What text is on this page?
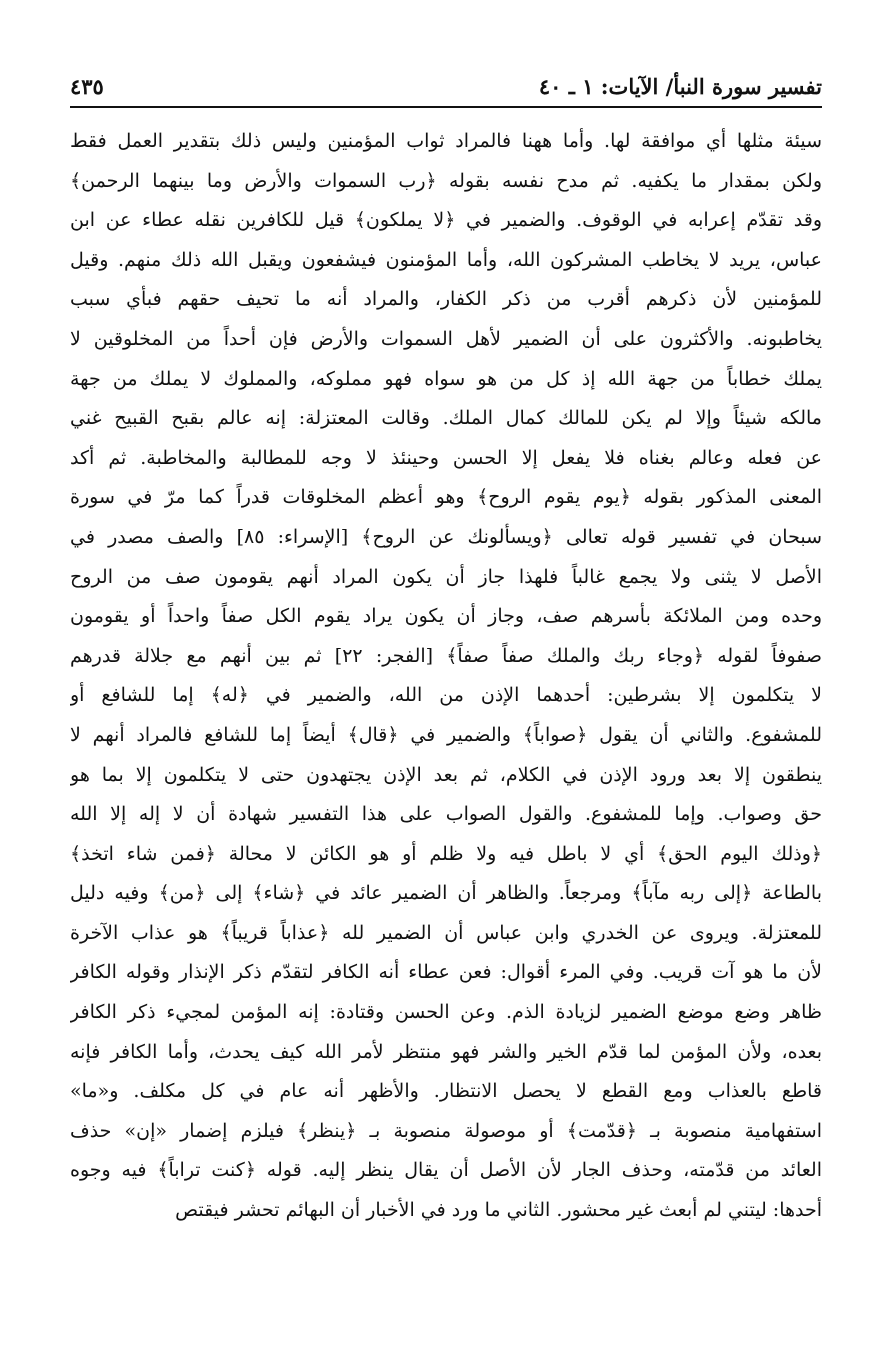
تفسير سورة النبأ/ الآيات: ١ ـ ٤٠
٤٣٥
سيئة مثلها أي موافقة لها. وأما ههنا فالمراد ثواب المؤمنين وليس ذلك بتقدير العمل فقط
ولكن بمقدار ما يكفيه. ثم مدح نفسه بقوله ﴿رب السموات والأرض وما بينهما الرحمن﴾
وقد تقدّم إعرابه في الوقوف. والضمير في ﴿لا يملكون﴾ قيل للكافرين نقله عطاء عن ابن
عباس، يريد لا يخاطب المشركون الله، وأما المؤمنون فيشفعون ويقبل الله ذلك منهم. وقيل
للمؤمنين لأن ذكرهم أقرب من ذكر الكفار، والمراد أنه ما تحيف حقهم فبأي سبب
يخاطبونه. والأكثرون على أن الضمير لأهل السموات والأرض فإن أحداً من المخلوقين لا
يملك خطاباً من جهة الله إذ كل من هو سواه فهو مملوكه، والمملوك لا يملك من جهة
مالكه شيئاً وإلا لم يكن للمالك كمال الملك. وقالت المعتزلة: إنه عالم بقبح القبيح غني
عن فعله وعالم بغناه فلا يفعل إلا الحسن وحينئذ لا وجه للمطالبة والمخاطبة. ثم أكد
المعنى المذكور بقوله ﴿يوم يقوم الروح﴾ وهو أعظم المخلوقات قدراً كما مرّ في سورة
سبحان في تفسير قوله تعالى ﴿ويسألونك عن الروح﴾ [الإسراء: ٨٥] والصف مصدر في
الأصل لا يثنى ولا يجمع غالباً فلهذا جاز أن يكون المراد أنهم يقومون صف من الروح
وحده ومن الملائكة بأسرهم صف، وجاز أن يكون يراد يقوم الكل صفاً واحداً أو يقومون
صفوفاً لقوله ﴿وجاء ربك والملك صفاً صفاً﴾ [الفجر: ٢٢] ثم بين أنهم مع جلالة قدرهم
لا يتكلمون إلا بشرطين: أحدهما الإذن من الله، والضمير في ﴿له﴾ إما للشافع أو
للمشفوع. والثاني أن يقول ﴿صواباً﴾ والضمير في ﴿قال﴾ أيضاً إما للشافع فالمراد أنهم لا
ينطقون إلا بعد ورود الإذن في الكلام، ثم بعد الإذن يجتهدون حتى لا يتكلمون إلا بما هو
حق وصواب. وإما للمشفوع. والقول الصواب على هذا التفسير شهادة أن لا إله إلا الله
﴿وذلك اليوم الحق﴾ أي لا باطل فيه ولا ظلم أو هو الكائن لا محالة ﴿فمن شاء اتخذ﴾
بالطاعة ﴿إلى ربه مآباً﴾ ومرجعاً. والظاهر أن الضمير عائد في ﴿شاء﴾ إلى ﴿من﴾ وفيه دليل
للمعتزلة. ويروى عن الخدري وابن عباس أن الضمير لله ﴿عذاباً قريباً﴾ هو عذاب الآخرة
لأن ما هو آت قريب. وفي المرء أقوال: فعن عطاء أنه الكافر لتقدّم ذكر الإنذار وقوله الكافر
ظاهر وضع موضع الضمير لزيادة الذم. وعن الحسن وقتادة: إنه المؤمن لمجيء ذكر الكافر
بعده، ولأن المؤمن لما قدّم الخير والشر فهو منتظر لأمر الله كيف يحدث، وأما الكافر فإنه
قاطع بالعذاب ومع القطع لا يحصل الانتظار. والأظهر أنه عام في كل مكلف. و«ما»
استفهامية منصوبة بـ ﴿قدّمت﴾ أو موصولة منصوبة بـ ﴿ينظر﴾ فيلزم إضمار «إن» حذف
العائد من قدّمته، وحذف الجار لأن الأصل أن يقال ينظر إليه. قوله ﴿كنت تراباً﴾ فيه وجوه
أحدها: ليتني لم أبعث غير محشور. الثاني ما ورد في الأخبار أن البهائم تحشر فيقتص
